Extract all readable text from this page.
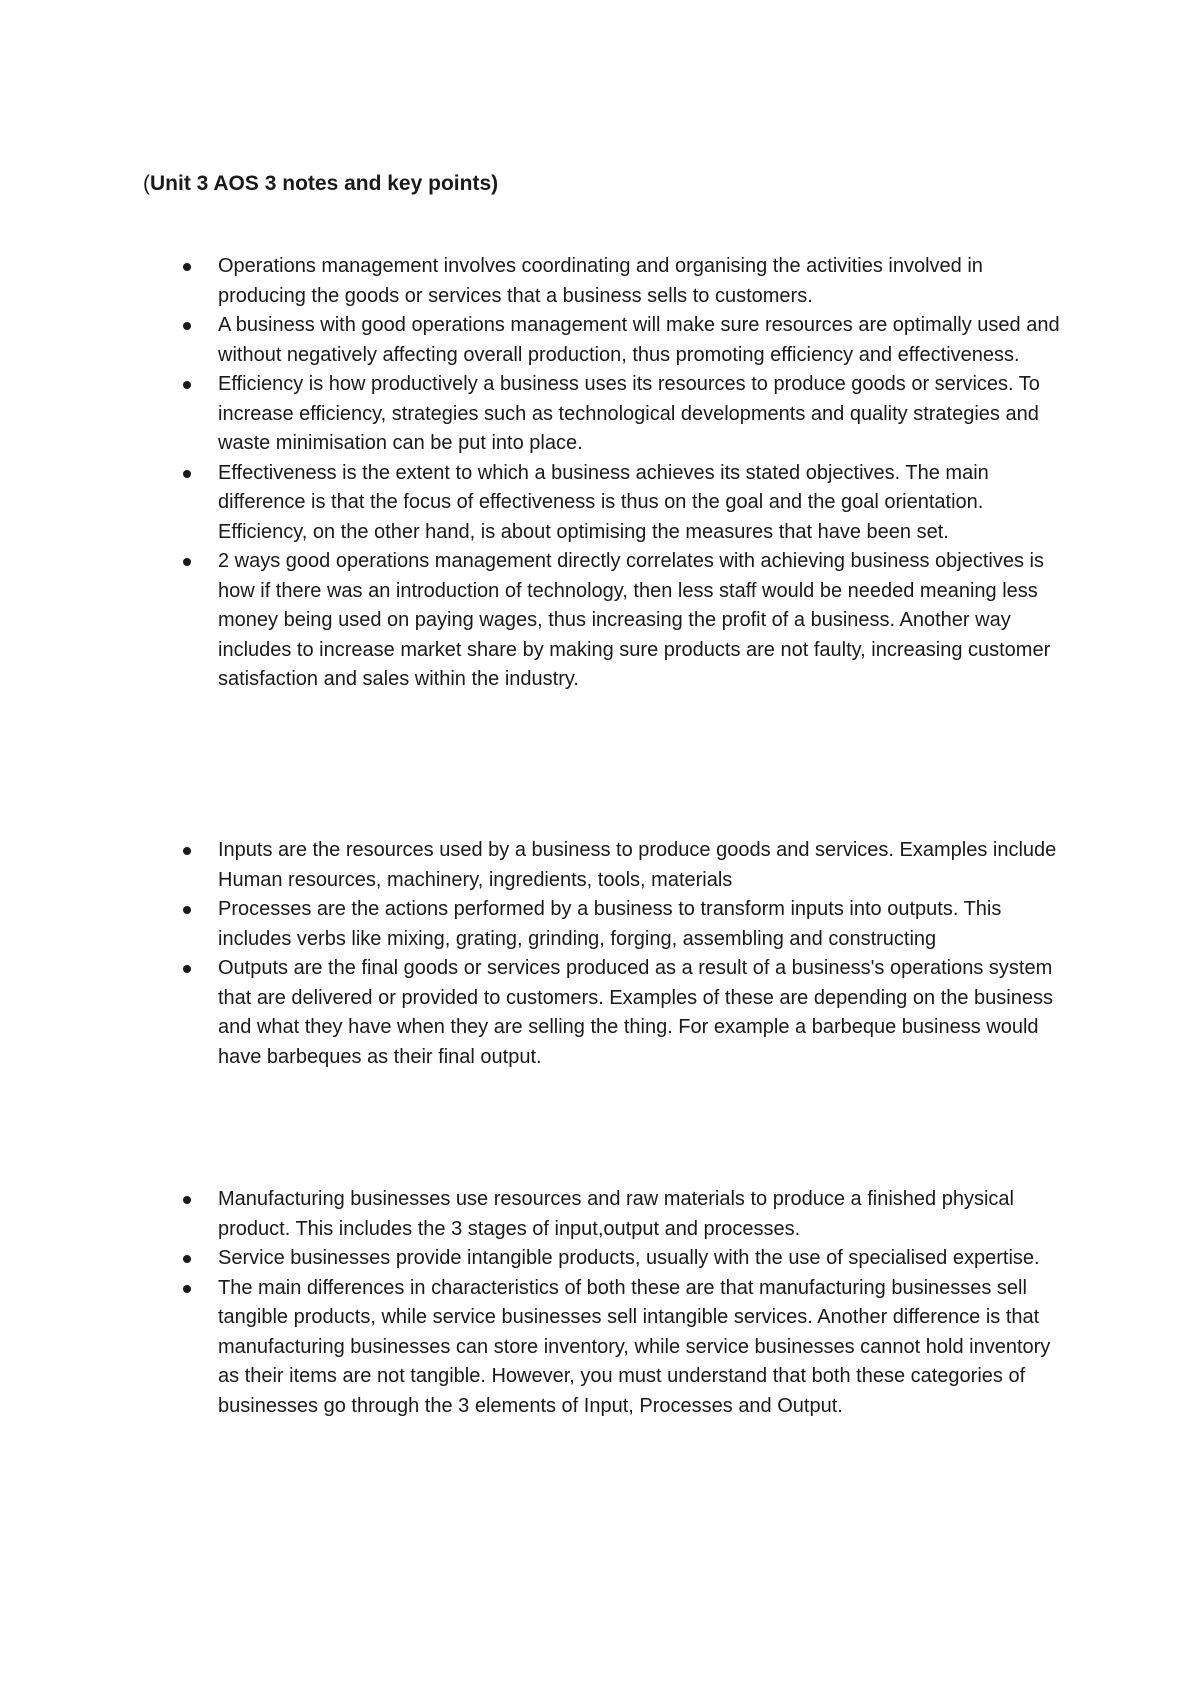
(Unit 3 AOS 3 notes and key points)
Operations management involves coordinating and organising the activities involved in producing the goods or services that a business sells to customers.
A business with good operations management will make sure resources are optimally used and without negatively affecting overall production, thus promoting efficiency and effectiveness.
Efficiency is how productively a business uses its resources to produce goods or services. To increase efficiency, strategies such as technological developments and quality strategies and waste minimisation can be put into place.
Effectiveness is the extent to which a business achieves its stated objectives. The main difference is that the focus of effectiveness is thus on the goal and the goal orientation. Efficiency, on the other hand, is about optimising the measures that have been set.
2 ways good operations management directly correlates with achieving business objectives is how if there was an introduction of technology, then less staff would be needed meaning less money being used on paying wages, thus increasing the profit of a business. Another way includes to increase market share by making sure products are not faulty, increasing customer satisfaction and sales within the industry.
Inputs are the resources used by a business to produce goods and services. Examples include Human resources, machinery, ingredients, tools, materials
Processes are the actions performed by a business to transform inputs into outputs. This includes verbs like mixing, grating, grinding, forging, assembling and constructing
Outputs are the final goods or services produced as a result of a business's operations system that are delivered or provided to customers. Examples of these are depending on the business and what they have when they are selling the thing. For example a barbeque business would have barbeques as their final output.
Manufacturing businesses use resources and raw materials to produce a finished physical product. This includes the 3 stages of input,output and processes.
Service businesses provide intangible products, usually with the use of specialised expertise.
The main differences in characteristics of both these are that manufacturing businesses sell tangible products, while service businesses sell intangible services. Another difference is that manufacturing businesses can store inventory, while service businesses cannot hold inventory as their items are not tangible. However, you must understand that both these categories of businesses go through the 3 elements of Input, Processes and Output.
